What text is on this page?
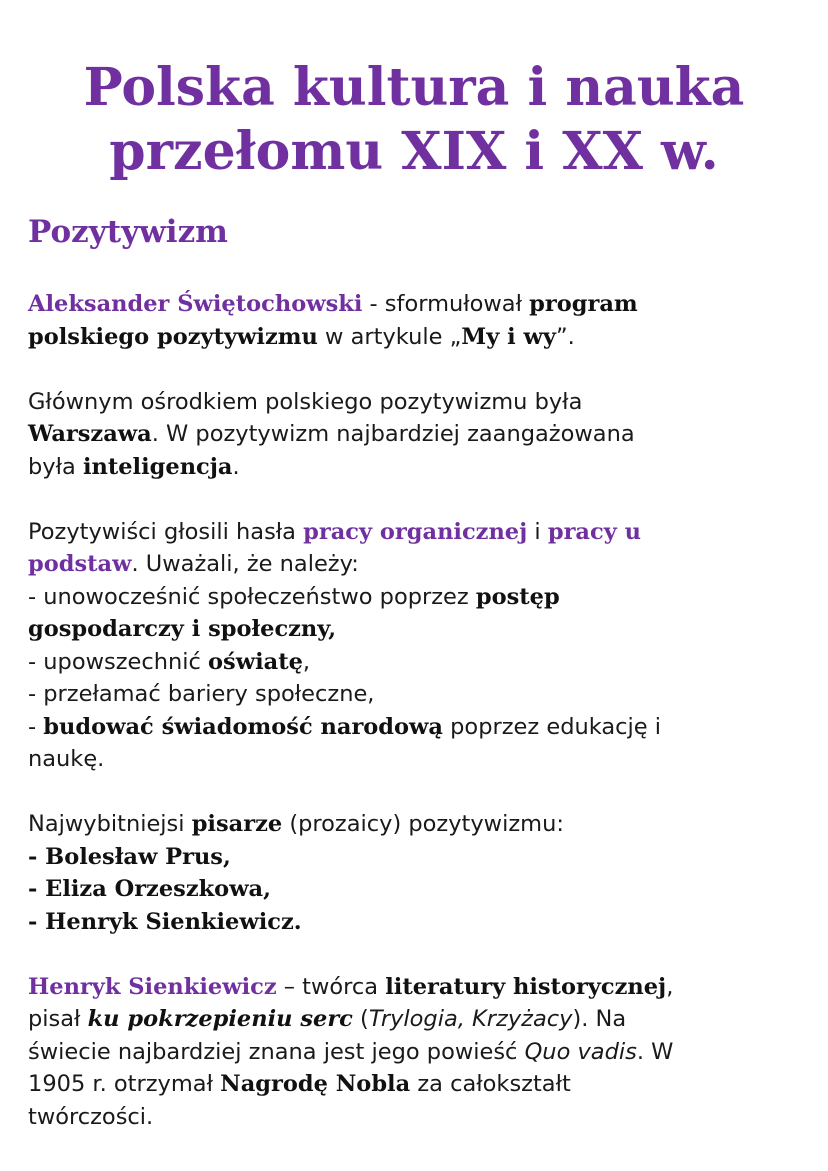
Polska kultura i nauka
przełomu XIX i XX w.
Pozytywizm

Aleksander Świętochowski - sformułował program
polskiego pozytywizmu w artykule „My i wy”.

Głównym ośrodkiem polskiego pozytywizmu była
Warszawa. W pozytywizm najbardziej zaangażowana
była inteligencja.

Pozytywiści głosili hasła pracy organicznej i pracy u
podstaw. Uważali, że należy:
- unowocześnić społeczeństwo poprzez postęp
gospodarczy i społeczny,
- upowszechnić oświatę,
- przełamać bariery społeczne,
- budować świadomość narodową poprzez edukację i
naukę.

Najwybitniejsi pisarze (prozaicy) pozytywizmu:
- Bolesław Prus,
- Eliza Orzeszkowa,
- Henryk Sienkiewicz.

Henryk Sienkiewicz – twórca literatury historycznej,
pisał ku pokrzepieniu serc (Trylogia, Krzyżacy). Na
świecie najbardziej znana jest jego powieść Quo vadis. W
1905 r. otrzymał Nagrodę Nobla za całokształt
twórczości.
